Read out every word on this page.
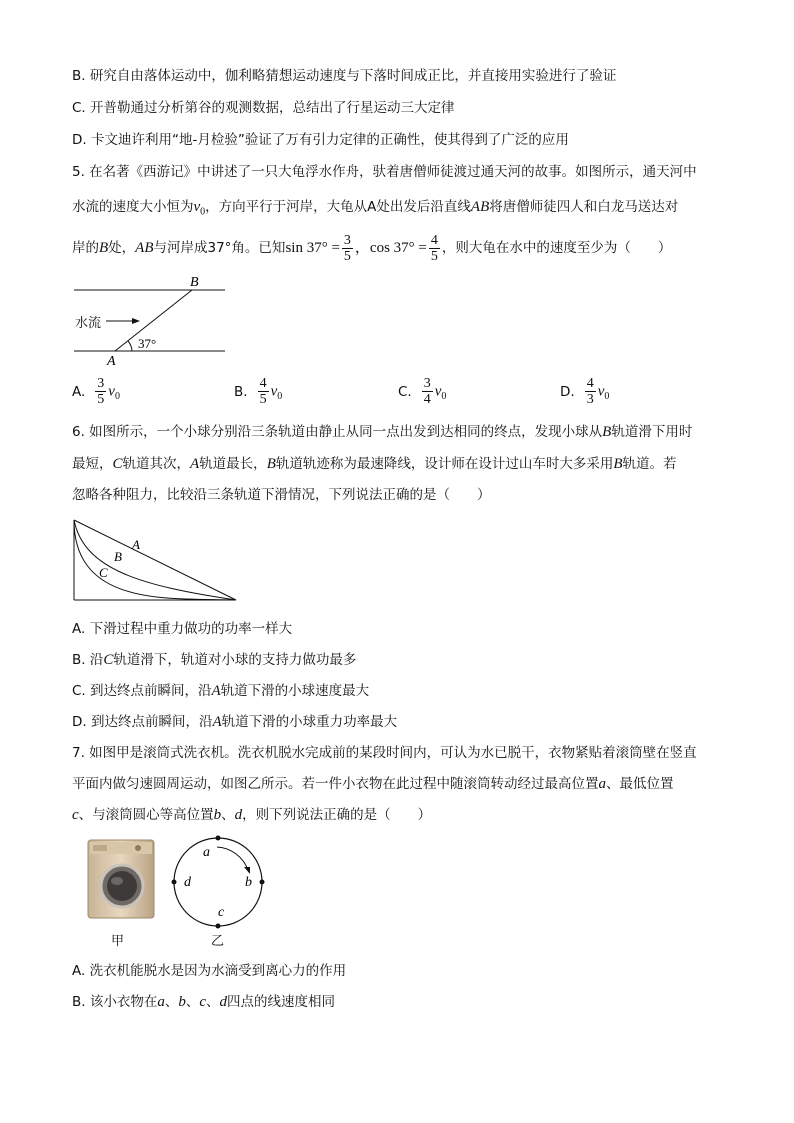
B. 研究自由落体运动中，伽利略猜想运动速度与下落时间成正比，并直接用实验进行了验证
C. 开普勒通过分析第谷的观测数据，总结出了行星运动三大定律
D. 卡文迪许利用“地-月检验”验证了万有引力定律的正确性，使其得到了广泛的应用
5. 在名著《西游记》中讲述了一只大龟浮水作舟，驮着唐僧师徒渡过通天河的故事。如图所示，通天河中
水流的速度大小恒为$v_0$，方向平行于河岸，大龟从A处出发后沿直线AB将唐僧师徒四人和白龙马送达对
岸的B处，AB与河岸成37°角。已知$\sin 37^\circ = \frac{3}{5}$ ，$\cos 37^\circ = \frac{4}{5}$ ，则大龟在水中的速度至少为（　　）
B
A
37°
水流
A. $\frac{3}{5} v_0$	B. $\frac{4}{5} v_0$	C. $\frac{3}{4} v_0$	D. $\frac{4}{3} v_0$
6. 如图所示，一个小球分别沿三条轨道由静止从同一点出发到达相同的终点，发现小球从B轨道滑下用时
最短，C轨道其次，A轨道最长，B轨道轨迹称为最速降线，设计师在设计过山车时大多采用B轨道。若
忽略各种阻力，比较沿三条轨道下滑情况，下列说法正确的是（　　）
A
B
C
A. 下滑过程中重力做功的功率一样大
B. 沿C轨道滑下，轨道对小球的支持力做功最多
C. 到达终点前瞬间，沿A轨道下滑的小球速度最大
D. 到达终点前瞬间，沿A轨道下滑的小球重力功率最大
7. 如图甲是滚筒式洗衣机。洗衣机脱水完成前的某段时间内，可认为水已脱干，衣物紧贴着滚筒壁在竖直
平面内做匀速圆周运动，如图乙所示。若一件小衣物在此过程中随滚筒转动经过最高位置a、最低位置
c、与滚筒圆心等高位置b、d，则下列说法正确的是（　　）
甲
a
b
c
d
乙
A. 洗衣机能脱水是因为水滴受到离心力的作用
B. 该小衣物在a、b、c、d四点的线速度相同
